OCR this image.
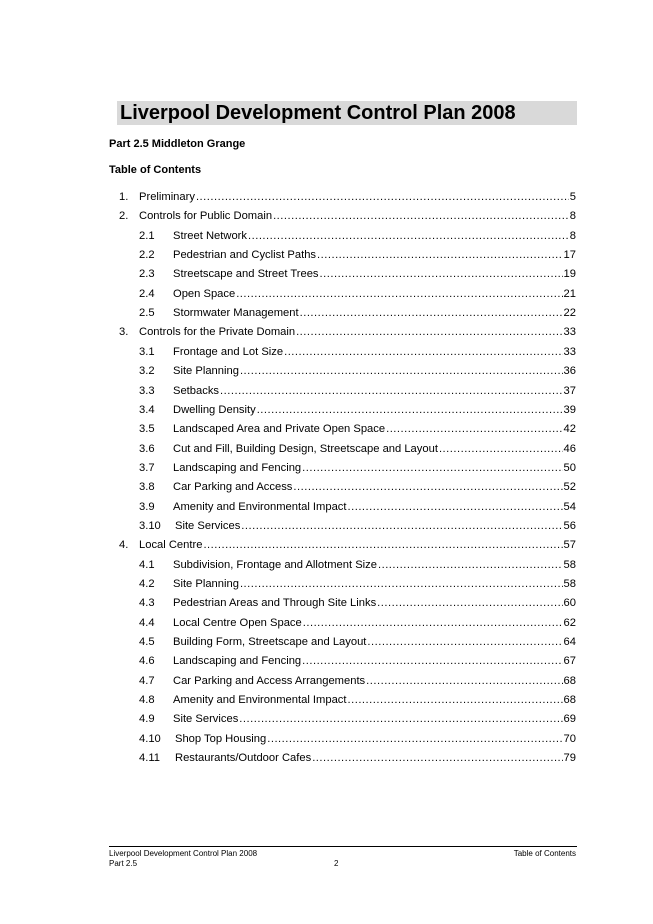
Liverpool Development Control Plan 2008
Part 2.5 Middleton Grange
Table of Contents
1. Preliminary .....	5
2. Controls for Public Domain .....	8
2.1	Street Network .....	8
2.2	Pedestrian and Cyclist Paths .....	17
2.3	Streetscape and Street Trees .....	19
2.4	Open Space .....	21
2.5	Stormwater Management .....	22
3. Controls for the Private Domain .....	33
3.1	Frontage and Lot Size .....	33
3.2	Site Planning .....	36
3.3	Setbacks .....	37
3.4	Dwelling Density .....	39
3.5	Landscaped Area and Private Open Space .....	42
3.6	Cut and Fill, Building Design, Streetscape and Layout .....	46
3.7	Landscaping and Fencing .....	50
3.8	Car Parking and Access .....	52
3.9	Amenity and Environmental Impact .....	54
3.10	Site Services .....	56
4. Local Centre .....	57
4.1	Subdivision, Frontage and Allotment Size .....	58
4.2	Site Planning .....	58
4.3	Pedestrian Areas and Through Site Links .....	60
4.4	Local Centre Open Space .....	62
4.5	Building Form, Streetscape and Layout .....	64
4.6	Landscaping and Fencing .....	67
4.7	Car Parking and Access Arrangements .....	68
4.8	Amenity and Environmental Impact .....	68
4.9	Site Services .....	69
4.10	Shop Top Housing .....	70
4.11	Restaurants/Outdoor Cafes .....	79
Liverpool Development Control Plan 2008
Part 2.5	2
Table of Contents
